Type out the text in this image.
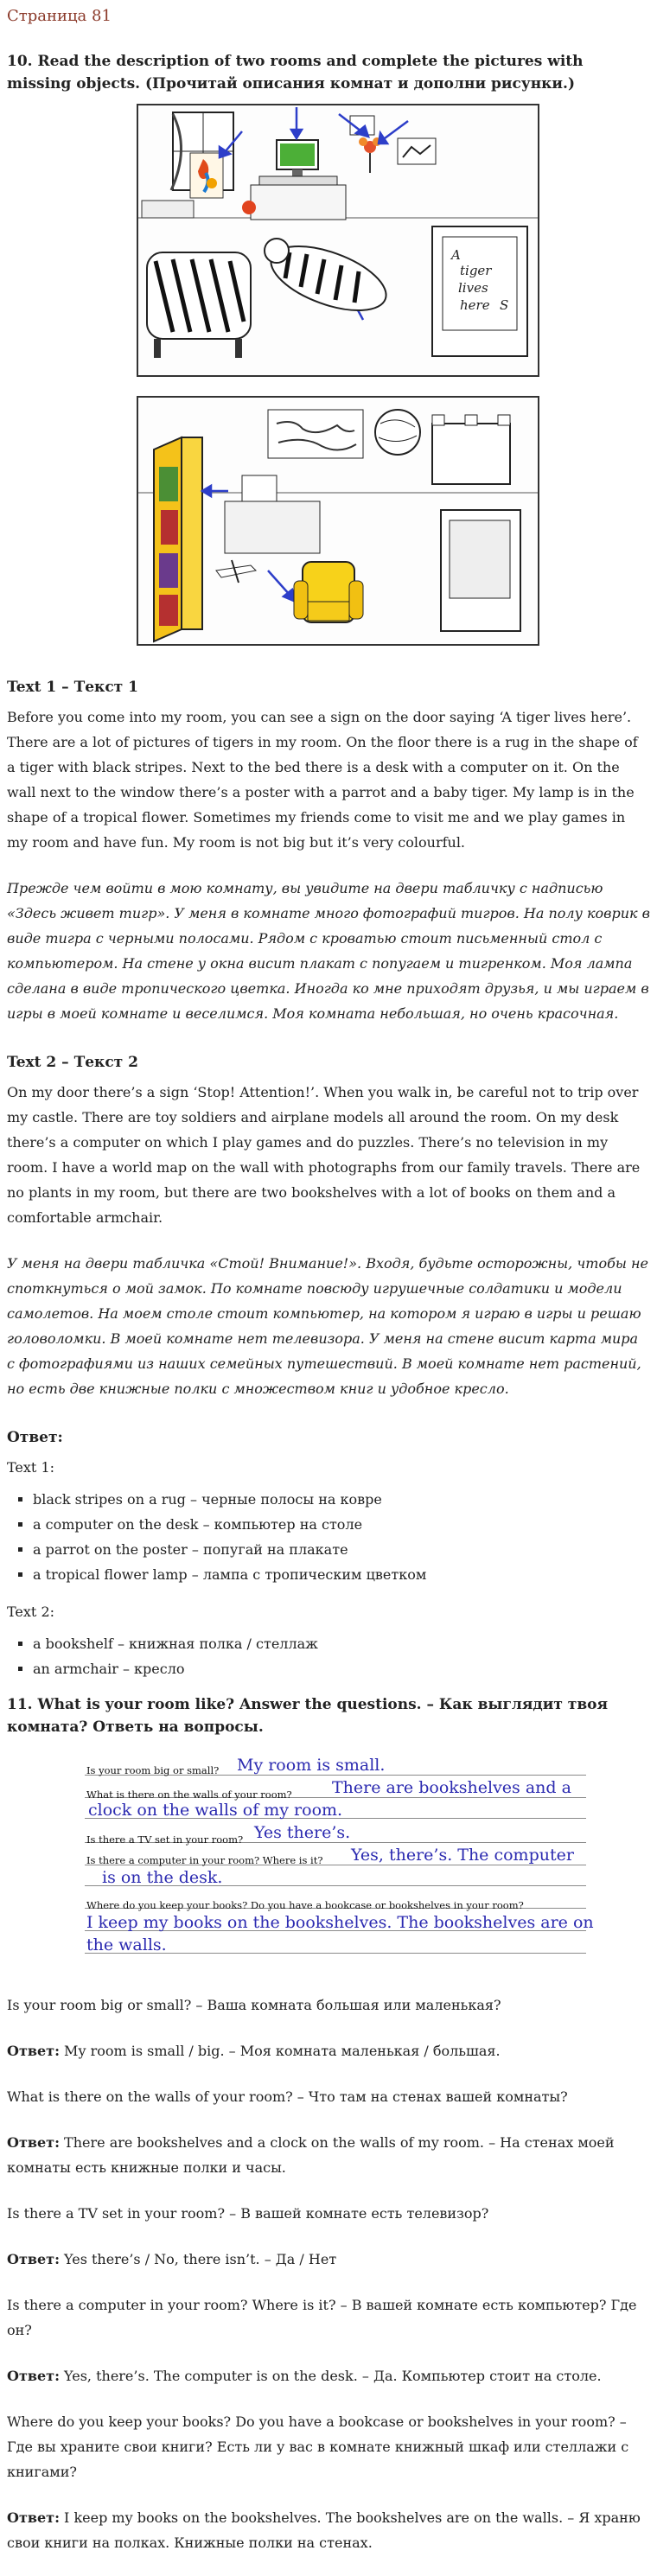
Страница 81
10. Read the description of two rooms and complete the pictures with missing objects. (Прочитай описания комнат и дополни рисунки.)
A
tiger
lives
here S
Text 1 – Текст 1

Before you come into my room, you can see a sign on the door saying ‘A tiger lives here’. There are a lot of pictures of tigers in my room. On the floor there is a rug in the shape of a tiger with black stripes. Next to the bed there is a desk with a computer on it. On the wall next to the window there’s a poster with a parrot and a baby tiger. My lamp is in the shape of a tropical flower. Sometimes my friends come to visit me and we play games in my room and have fun. My room is not big but it’s very colourful.

Прежде чем войти в мою комнату, вы увидите на двери табличку с надписью «Здесь живет тигр». У меня в комнате много фотографий тигров. На полу коврик в виде тигра с черными полосами. Рядом с кроватью стоит письменный стол с компьютером. На стене у окна висит плакат с попугаем и тигренком. Моя лампа сделана в виде тропического цветка. Иногда ко мне приходят друзья, и мы играем в игры в моей комнате и веселимся. Моя комната небольшая, но очень красочная.

Text 2 – Текст 2

On my door there’s a sign ‘Stop! Attention!’. When you walk in, be careful not to trip over my castle. There are toy soldiers and airplane models all around the room. On my desk there’s a computer on which I play games and do puzzles. There’s no television in my room. I have a world map on the wall with photographs from our family travels. There are no plants in my room, but there are two bookshelves with a lot of books on them and a comfortable armchair.

У меня на двери табличка «Стой! Внимание!». Входя, будьте осторожны, чтобы не споткнуться о мой замок. По комнате повсюду игрушечные солдатики и модели самолетов. На моем столе стоит компьютер, на котором я играю в игры и решаю головоломки. В моей комнате нет телевизора. У меня на стене висит карта мира с фотографиями из наших семейных путешествий. В моей комнате нет растений, но есть две книжные полки с множеством книг и удобное кресло.

Ответ:

Text 1:

▪ black stripes on a rug – черные полосы на ковре
▪ a computer on the desk – компьютер на столе
▪ a parrot on the poster – попугай на плакате
▪ a tropical flower lamp – лампа с тропическим цветком

Text 2:

▪ a bookshelf – книжная полка / стеллаж
▪ an armchair – кресло
11. What is your room like? Answer the questions. – Как выглядит твоя комната? Ответь на вопросы.
Is your room big or small? My room is small.
What is there on the walls of your room? There are bookshelves and a
clock on the walls of my room.
Is there a TV set in your room? Yes there’s.
Is there a computer in your room? Where is it? Yes, there’s. The computer
is on the desk.
Where do you keep your books? Do you have a bookcase or bookshelves in your room?
I keep my books on the bookshelves. The bookshelves are on
the walls.

Is your room big or small? – Ваша комната большая или маленькая?

Ответ: My room is small / big. – Моя комната маленькая / большая.

What is there on the walls of your room? – Что там на стенах вашей комнаты?

Ответ: There are bookshelves and a clock on the walls of my room. – На стенах моей комнаты есть книжные полки и часы.

Is there a TV set in your room? – В вашей комнате есть телевизор?

Ответ: Yes there’s / No, there isn’t. – Да / Нет

Is there a computer in your room? Where is it? – В вашей комнате есть компьютер? Где он?

Ответ: Yes, there’s. The computer is on the desk. – Да. Компьютер стоит на столе.

Where do you keep your books? Do you have a bookcase or bookshelves in your room? – Где вы храните свои книги? Есть ли у вас в комнате книжный шкаф или стеллажи с книгами?

Ответ: I keep my books on the bookshelves. The bookshelves are on the walls. – Я храню свои книги на полках. Книжные полки на стенах.
